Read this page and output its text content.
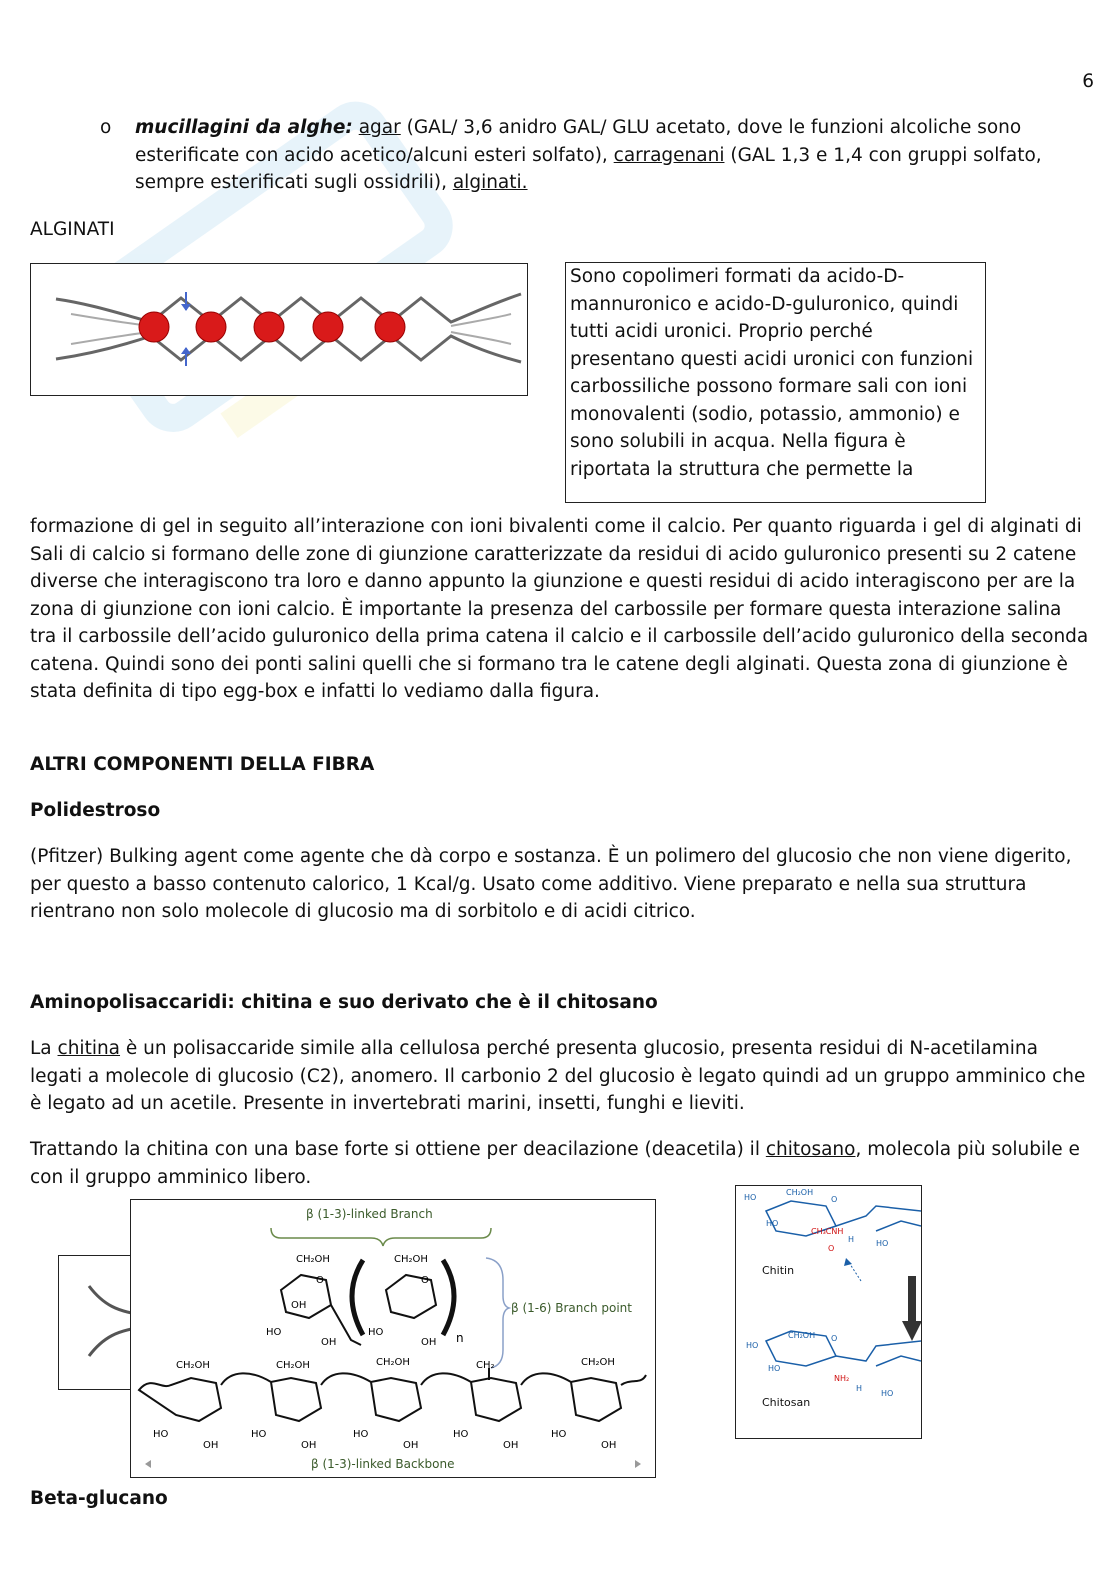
6
o mucillagini da alghe: agar (GAL/ 3,6 anidro GAL/ GLU acetato, dove le funzioni alcoliche sono esterificate con acido acetico/alcuni esteri solfato), carragenani (GAL 1,3 e 1,4 con gruppi solfato, sempre esterificati sugli ossidrili), alginati.

ALGINATI
Sono copolimeri formati da acido-D-mannuronico e acido-D-guluronico, quindi tutti acidi uronici. Proprio perché presentano questi acidi uronici con funzioni carbossiliche possono formare sali con ioni monovalenti (sodio, potassio, ammonio) e sono solubili in acqua. Nella figura è riportata la struttura che permette la

formazione di gel in seguito all’interazione con ioni bivalenti come il calcio. Per quanto riguarda i gel di alginati di Sali di calcio si formano delle zone di giunzione caratterizzate da residui di acido guluronico presenti su 2 catene diverse che interagiscono tra loro e danno appunto la giunzione e questi residui di acido interagiscono per are la zona di giunzione con ioni calcio. È importante la presenza del carbossile per formare questa interazione salina tra il carbossile dell’acido guluronico della prima catena il calcio e il carbossile dell’acido guluronico della seconda catena. Quindi sono dei ponti salini quelli che si formano tra le catene degli alginati. Questa zona di giunzione è stata definita di tipo egg-box e infatti lo vediamo dalla figura.

ALTRI COMPONENTI DELLA FIBRA
Polidestroso

(Pfitzer) Bulking agent come agente che dà corpo e sostanza. È un polimero del glucosio che non viene digerito, per questo a basso contenuto calorico, 1 Kcal/g. Usato come additivo. Viene preparato e nella sua struttura rientrano non solo molecole di glucosio ma di sorbitolo e di acidi citrico.

Aminopolisaccaridi: chitina e suo derivato che è il chitosano

La chitina è un polisaccaride simile alla cellulosa perché presenta glucosio, presenta residui di N-acetilamina legati a molecole di glucosio (C2), anomero. Il carbonio 2 del glucosio è legato quindi ad un gruppo amminico che è legato ad un acetile. Presente in invertebrati marini, insetti, funghi e lieviti.

Trattando la chitina con una base forte si ottiene per deacilazione (deacetila) il chitosano, molecola più solubile e con il gruppo amminico libero.

β (1-3)-linked Branch
β (1-6) Branch point
CH₂OH	CH₂OH
O	O
OH
HO
OH
HO
OH n
CH₂OH	CH₂OH	CH₂OH	CH₂	CH₂OH
HO
OH
HO
OH
HO
OH
HO
OH
HO
OH
β (1-3)-linked Backbone
HO
CH₂OH
O
HO
CH₃CNH
H
O
HO
Chitin
HO
CH₂OH O
HO
NH₂
H
HO
Chitosan
Beta-glucano
